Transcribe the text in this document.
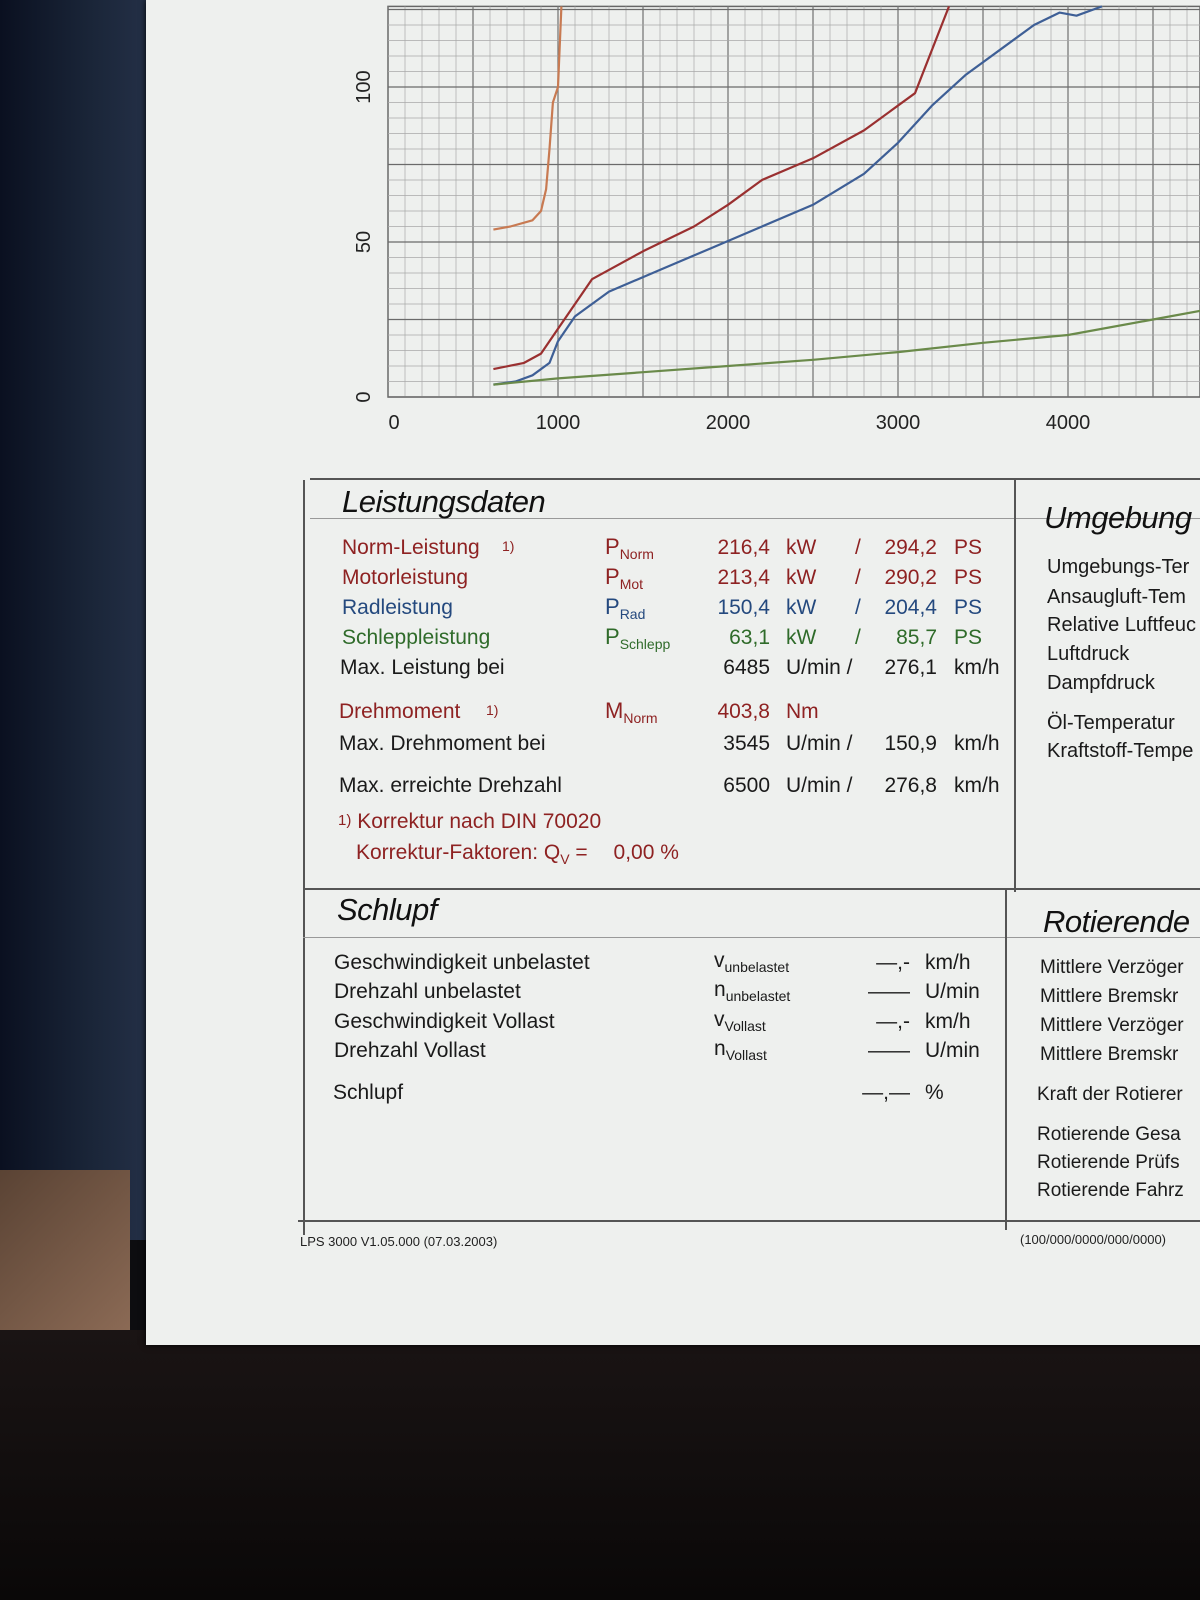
0	1000	2000	3000	4000
0
50
100
Leistungsdaten
Norm-Leistung 1)	$P_{Norm}$	216,4 kW / 294,2 PS
Motorleistung	$P_{Mot}$	213,4 kW / 290,2 PS
Radleistung	$P_{Rad}$	150,4 kW / 204,4 PS
Schleppleistung	$P_{Schlepp}$	63,1 kW / 85,7 PS
Max. Leistung bei	6485 U/min / 276,1 km/h
Drehmoment 1)	$M_{Norm}$	403,8 Nm
Max. Drehmoment bei	3545 U/min / 150,9 km/h
Max. erreichte Drehzahl	6500 U/min / 276,8 km/h
1) Korrektur nach DIN 70020
Korrektur-Faktoren: $Q_V = 0,00$ %
Umgebung
Umgebungs-Ter
Ansaugluft-Tem
Relative Luftfeuc
Luftdruck
Dampfdruck
Öl-Temperatur
Kraftstoff-Tempe
Schlupf
Geschwindigkeit unbelastet	$v_{unbelastet}$	—,- km/h
Drehzahl unbelastet	$n_{unbelastet}$	—— U/min
Geschwindigkeit Vollast	$v_{Vollast}$	—,- km/h
Drehzahl Vollast	$n_{Vollast}$	—— U/min
Schlupf	—,— %
Rotierende
Mittlere Verzöger
Mittlere Bremskr
Mittlere Verzöger
Mittlere Bremskr
Kraft der Rotierer
Rotierende Gesa
Rotierende Prüfs
Rotierende Fahrz
LPS 3000 V1.05.000 (07.03.2003)	(100/000/0000/000/0000)
